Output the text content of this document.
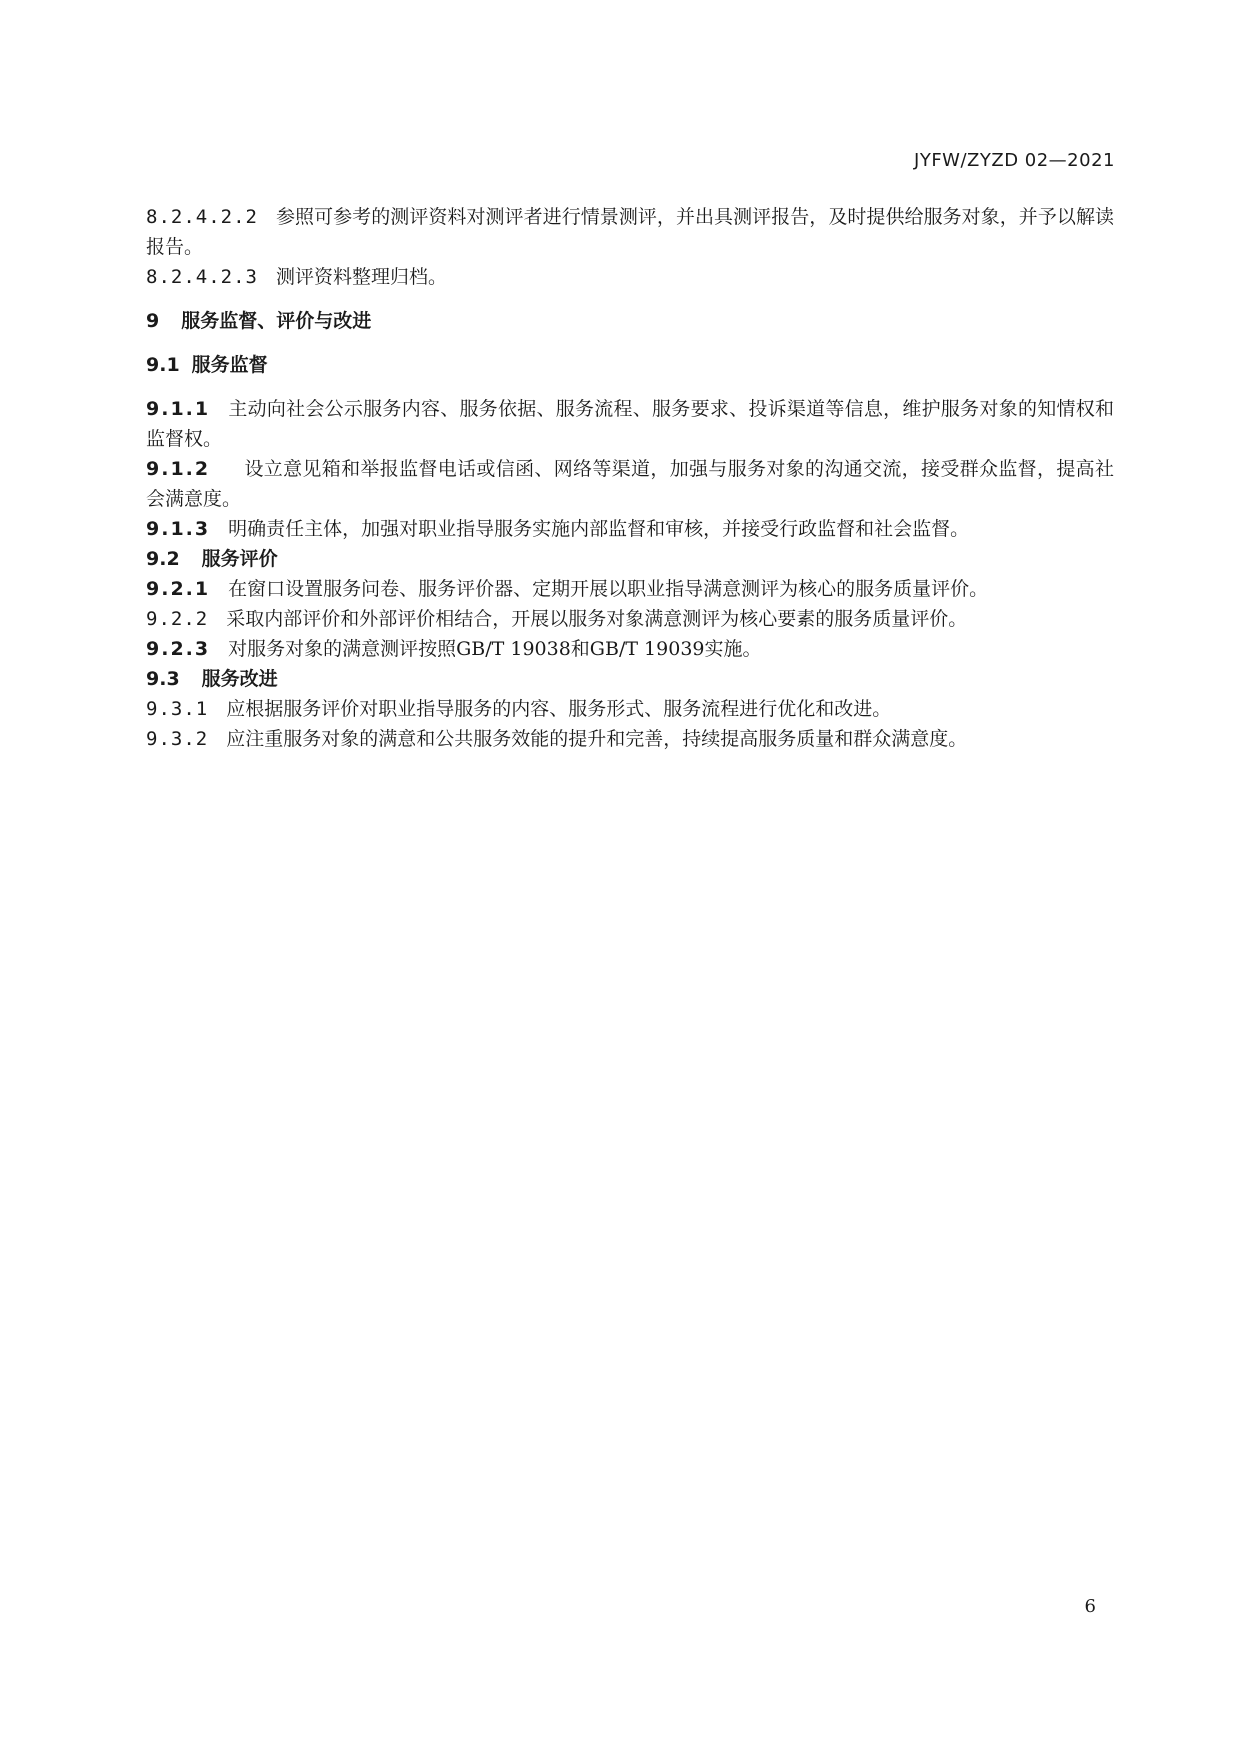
JYFW/ZYZD 02—2021

8.2.4.2.2 参照可参考的测评资料对测评者进行情景测评，并出具测评报告，及时提供给服务对象，并予以解读报告。

8.2.4.2.3 测评资料整理归档。

9 服务监督、评价与改进

9.1 服务监督

9.1.1 主动向社会公示服务内容、服务依据、服务流程、服务要求、投诉渠道等信息，维护服务对象的知情权和监督权。

9.1.2 设立意见箱和举报监督电话或信函、网络等渠道，加强与服务对象的沟通交流，接受群众监督，提高社会满意度。

9.1.3 明确责任主体，加强对职业指导服务实施内部监督和审核，并接受行政监督和社会监督。

9.2 服务评价

9.2.1 在窗口设置服务问卷、服务评价器、定期开展以职业指导满意测评为核心的服务质量评价。

9.2.2 采取内部评价和外部评价相结合，开展以服务对象满意测评为核心要素的服务质量评价。

9.2.3 对服务对象的满意测评按照GB/T 19038和GB/T 19039实施。

9.3 服务改进

9.3.1 应根据服务评价对职业指导服务的内容、服务形式、服务流程进行优化和改进。

9.3.2 应注重服务对象的满意和公共服务效能的提升和完善，持续提高服务质量和群众满意度。

6
